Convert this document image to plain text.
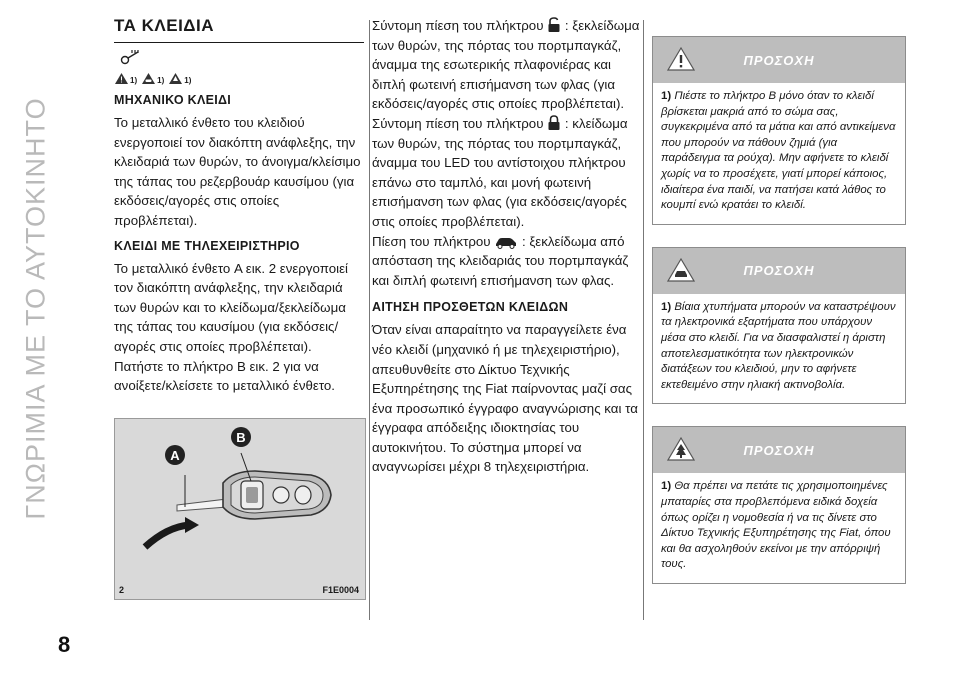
ΓΝΩΡΙΜΙΑ ΜΕ ΤΟ ΑΥΤΟΚΙΝΗΤΟ
8
ΤΑ ΚΛΕΙΔΙΑ
1)	1)	1)
ΜΗΧΑΝΙΚΟ ΚΛΕΙΔΙ

Το μεταλλικό ένθετο του κλειδιού ενεργοποιεί τον διακόπτη ανάφλεξης, την κλειδαριά των θυρών, το άνοιγμα/κλείσιμο της τάπας του ρεζερβουάρ καυσίμου (για εκδόσεις/αγορές στις οποίες προβλέπεται).

ΚΛΕΙΔΙ ΜΕ ΤΗΛΕΧΕΙΡΙΣΤΗΡΙΟ

Το μεταλλικό ένθετο A εικ. 2 ενεργοποιεί τον διακόπτη ανάφλεξης, την κλειδαριά των θυρών και το κλείδωμα/ξεκλείδωμα της τάπας του καυσίμου (για εκδόσεις/αγορές στις οποίες προβλέπεται).

Πατήστε το πλήκτρο B εικ. 2 για να ανοίξετε/κλείσετε το μεταλλικό ένθετο.

A
B
2	F1E0004

Σύντομη πίεση του πλήκτρου : ξεκλείδωμα των θυρών, της πόρτας του πορτμπαγκάζ, άναμμα της εσωτερικής πλαφονιέρας και διπλή φωτεινή επισήμανση των φλας (για εκδόσεις/αγορές στις οποίες προβλέπεται).

Σύντομη πίεση του πλήκτρου : κλείδωμα των θυρών, της πόρτας του πορτμπαγκάζ, άναμμα του LED του αντίστοιχου πλήκτρου επάνω στο ταμπλό, και μονή φωτεινή επισήμανση των φλας (για εκδόσεις/αγορές στις οποίες προβλέπεται).

Πίεση του πλήκτρου : ξεκλείδωμα από απόσταση της κλειδαριάς του πορτμπαγκάζ και διπλή φωτεινή επισήμανση των φλας.

ΑΙΤΗΣΗ ΠΡΟΣΘΕΤΩΝ ΚΛΕΙΔΩΝ

Όταν είναι απαραίτητο να παραγγείλετε ένα νέο κλειδί (μηχανικό ή με τηλεχειριστήριο), απευθυνθείτε στο Δίκτυο Τεχνικής Εξυπηρέτησης της Fiat παίρνοντας μαζί σας ένα προσωπικό έγγραφο αναγνώρισης και τα έγγραφα απόδειξης ιδιοκτησίας του αυτοκινήτου. Το σύστημα μπορεί να αναγνωρίσει μέχρι 8 τηλεχειριστήρια.

ΠΡΟΣΟΧΗ
1) Πιέστε το πλήκτρο B μόνο όταν το κλειδί βρίσκεται μακριά από το σώμα σας, συγκεκριμένα από τα μάτια και από αντικείμενα που μπορούν να πάθουν ζημιά (για παράδειγμα τα ρούχα). Μην αφήνετε το κλειδί χωρίς να το προσέχετε, γιατί μπορεί κάποιος, ιδιαίτερα ένα παιδί, να πατήσει κατά λάθος το κουμπί ενώ κρατάει το κλειδί.
ΠΡΟΣΟΧΗ
1) Βίαια χτυπήματα μπορούν να καταστρέψουν τα ηλεκτρονικά εξαρτήματα που υπάρχουν μέσα στο κλειδί. Για να διασφαλιστεί η άριστη αποτελεσματικότητα των ηλεκτρονικών διατάξεων του κλειδιού, μην το αφήνετε εκτεθειμένο στην ηλιακή ακτινοβολία.
ΠΡΟΣΟΧΗ
1) Θα πρέπει να πετάτε τις χρησιμοποιημένες μπαταρίες στα προβλεπόμενα ειδικά δοχεία όπως ορίζει η νομοθεσία ή να τις δίνετε στο Δίκτυο Τεχνικής Εξυπηρέτησης της Fiat, όπου και θα ασχοληθούν εκείνοι με την απόρριψή τους.
